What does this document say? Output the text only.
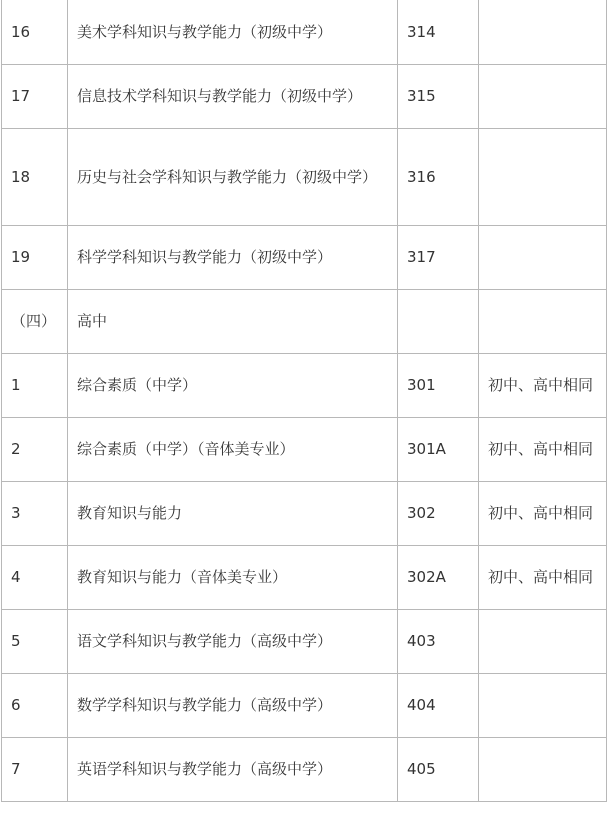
16	美术学科知识与教学能力（初级中学）	314	
17	信息技术学科知识与教学能力（初级中学）	315	
18	历史与社会学科知识与教学能力（初级中学）	316	
19	科学学科知识与教学能力（初级中学）	317	
（四）	高中		
1	综合素质（中学）	301	初中、高中相同
2	综合素质（中学）（音体美专业）	301A	初中、高中相同
3	教育知识与能力	302	初中、高中相同
4	教育知识与能力（音体美专业）	302A	初中、高中相同
5	语文学科知识与教学能力（高级中学）	403	
6	数学学科知识与教学能力（高级中学）	404	
7	英语学科知识与教学能力（高级中学）	405	
